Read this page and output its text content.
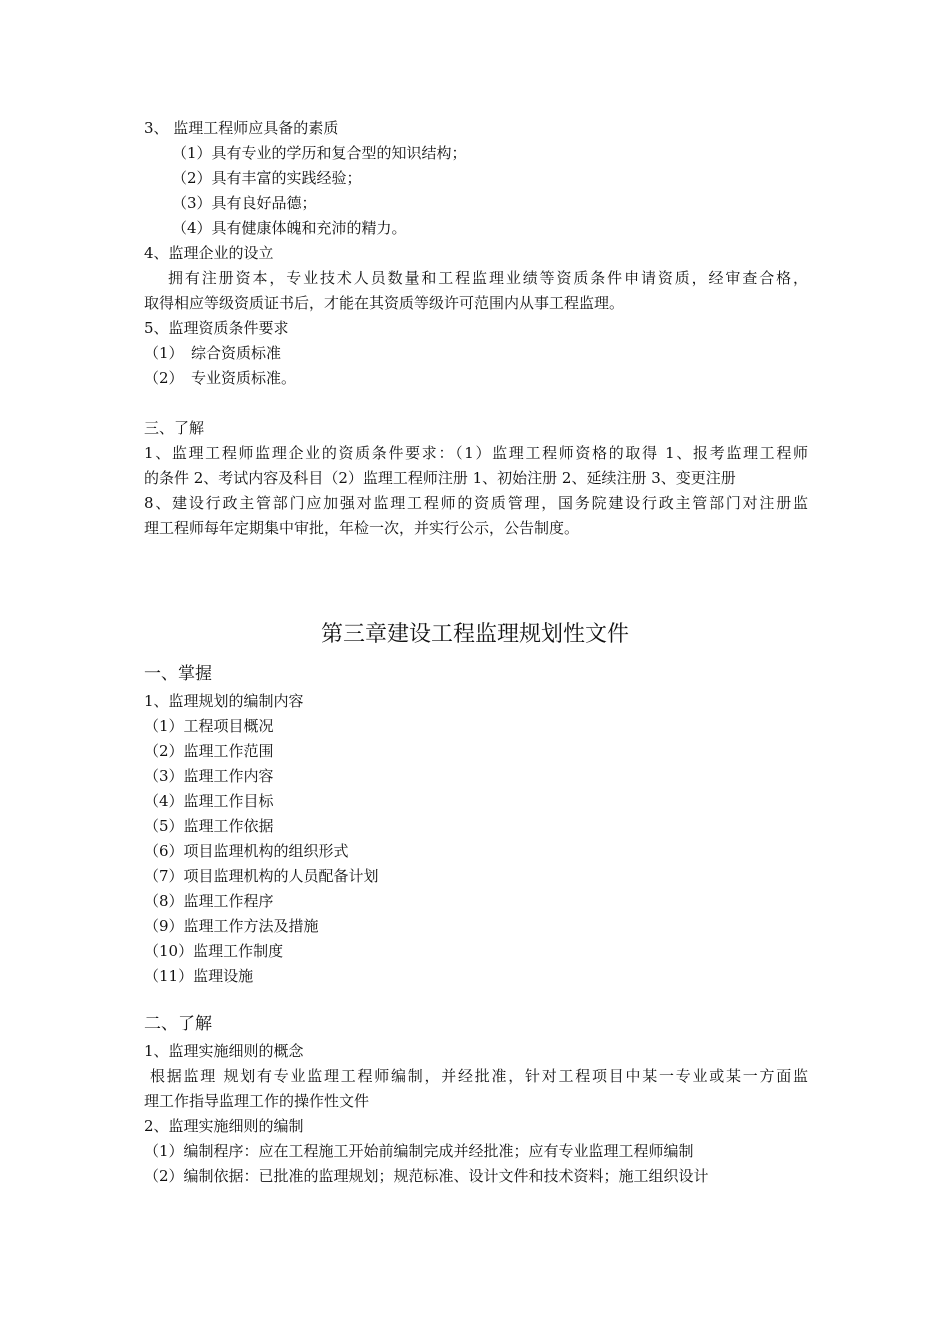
3、 监理工程师应具备的素质
（1）具有专业的学历和复合型的知识结构；
（2）具有丰富的实践经验；
（3）具有良好品德；
（4）具有健康体魄和充沛的精力。
4、监理企业的设立
拥有注册资本，专业技术人员数量和工程监理业绩等资质条件申请资质，经审查合格，
取得相应等级资质证书后，才能在其资质等级许可范围内从事工程监理。
5、监理资质条件要求
（1）　综合资质标准
（2）　专业资质标准。
三、了解
1、监理工程师监理企业的资质条件要求：（1）监理工程师资格的取得 1、报考监理工程师
的条件 2、考试内容及科目（2）监理工程师注册 1、初始注册 2、延续注册 3、变更注册
8、建设行政主管部门应加强对监理工程师的资质管理，国务院建设行政主管部门对注册监
理工程师每年定期集中审批，年检一次，并实行公示，公告制度。
第三章建设工程监理规划性文件
一、掌握
1、监理规划的编制内容
（1）工程项目概况
（2）监理工作范围
（3）监理工作内容
（4）监理工作目标
（5）监理工作依据
（6）项目监理机构的组织形式
（7）项目监理机构的人员配备计划
（8）监理工作程序
（9）监理工作方法及措施
（10）监理工作制度
（11）监理设施
二、了解
1、监理实施细则的概念
根据监理 规划有专业监理工程师编制，并经批准，针对工程项目中某一专业或某一方面监
理工作指导监理工作的操作性文件
2、监理实施细则的编制
（1）编制程序：应在工程施工开始前编制完成并经批准；应有专业监理工程师编制
（2）编制依据：已批准的监理规划；规范标准、设计文件和技术资料；施工组织设计
